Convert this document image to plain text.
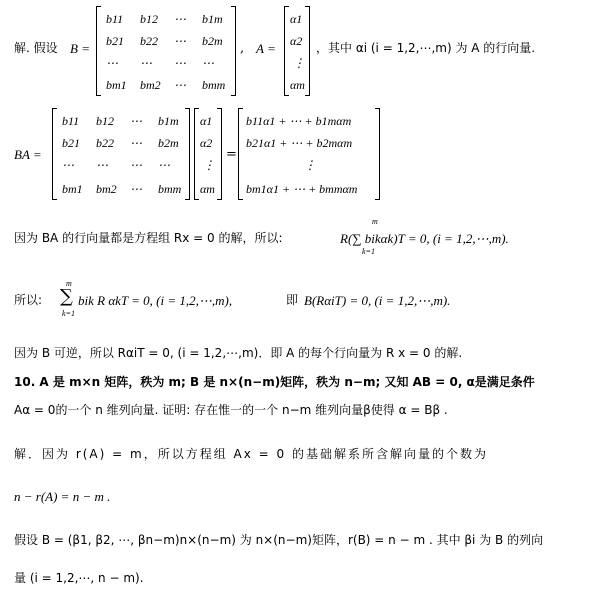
解. 假设 B =
b11 b12 ⋯ b1m
b21 b22 ⋯ b2m
⋯ ⋯ ⋯ ⋯
bm1 bm2 ⋯ bmm
, A =
α1
α2
⋮
αm
，其中 αi (i = 1,2,⋯,m) 为 A 的行向量.
BA =
b11 b12 ⋯ b1m
b21 b22 ⋯ b2m
⋯ ⋯ ⋯ ⋯
bm1 bm2 ⋯ bmm
α1
α2
⋮
αm
=
b11α1 + ⋯ + b1mαm
b21α1 + ⋯ + b2mαm
⋮
bm1α1 + ⋯ + bmmαm
因为 BA 的行向量都是方程组 Rx = 0 的解，所以:
m
k=1
R(∑ bikαk)T = 0, (i = 1,2,⋯,m).
所以:
m
k=1
∑ bik R αkT = 0, (i = 1,2,⋯,m),	即 B(RαiT) = 0, (i = 1,2,⋯,m).
因为 B 可逆，所以 RαiT = 0, (i = 1,2,⋯,m)．即 A 的每个行向量为 R x = 0 的解.
10. A 是 m×n 矩阵，秩为 m; B 是 n×(n−m)矩阵，秩为 n−m; 又知 AB = 0, α是满足条件
Aα = 0的一个 n 维列向量. 证明: 存在惟一的一个 n−m 维列向量β使得 α = Bβ .
解．因为 r(A) = m，所以方程组 Ax = 0 的基础解系所含解向量的个数为
n − r(A) = n − m .
假设 B = (β1, β2, ⋯, βn−m)n×(n−m) 为 n×(n−m)矩阵，r(B) = n − m . 其中 βi 为 B 的列向
量 (i = 1,2,⋯, n − m).
